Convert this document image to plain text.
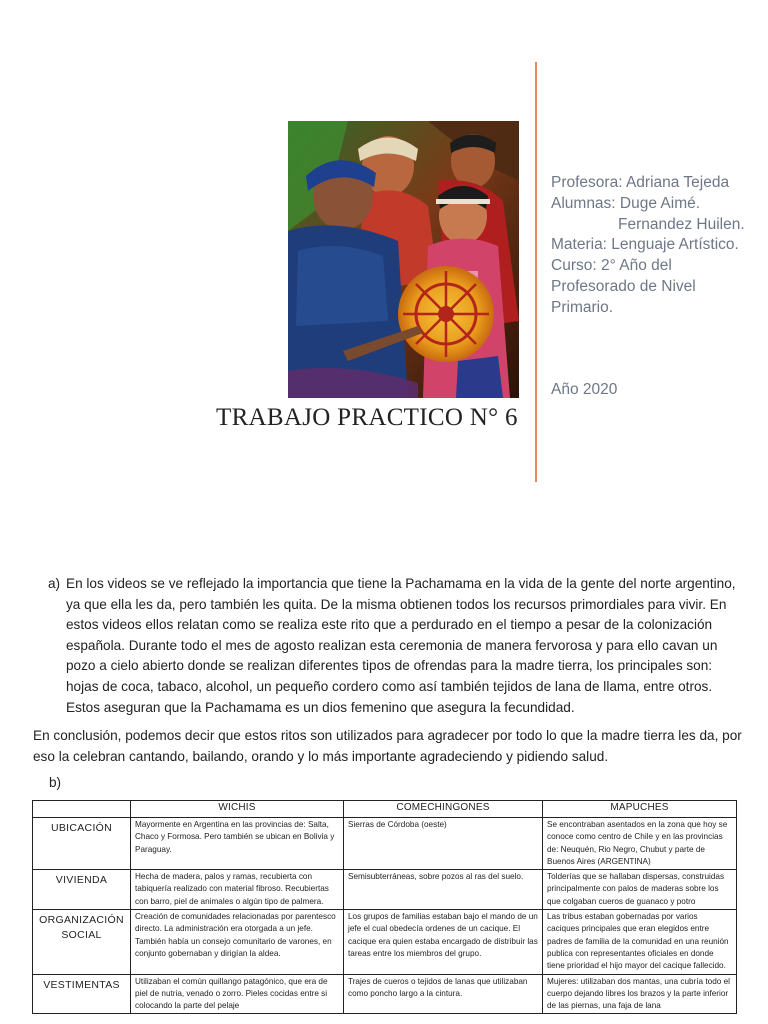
TRABAJO PRACTICO N° 6
Profesora: Adriana Tejeda
Alumnas: Duge Aimé.
Fernandez Huilen.
Materia: Lenguaje Artístico.
Curso: 2° Año del
Profesorado de Nivel
Primario.
Año 2020
a) En los videos se ve reflejado la importancia que tiene la Pachamama en la vida de la gente del norte argentino, ya que ella les da, pero también les quita. De la misma obtienen todos los recursos primordiales para vivir. En estos videos ellos relatan como se realiza este rito que a perdurado en el tiempo a pesar de la colonización española. Durante todo el mes de agosto realizan esta ceremonia de manera fervorosa y para ello cavan un pozo a cielo abierto donde se realizan diferentes tipos de ofrendas para la madre tierra, los principales son: hojas de coca, tabaco, alcohol, un pequeño cordero como así también tejidos de lana de llama, entre otros. Estos aseguran que la Pachamama es un dios femenino que asegura la fecundidad.
En conclusión, podemos decir que estos ritos son utilizados para agradecer por todo lo que la madre tierra les da, por eso la celebran cantando, bailando, orando y lo más importante agradeciendo y pidiendo salud.
b)
	WICHIS	COMECHINGONES	MAPUCHES
UBICACIÓN	Mayormente en Argentina en las provincias de: Salta, Chaco y Formosa. Pero también se ubican en Bolivia y Paraguay.	Sierras de Córdoba (oeste)	Se encontraban asentados en la zona que hoy se conoce como centro de Chile y en las provincias de: Neuquén, Rio Negro, Chubut y parte de Buenos Aires (ARGENTINA)
VIVIENDA	Hecha de madera, palos y ramas, recubierta con tabiquería realizado con material fibroso. Recubiertas con barro, piel de animales o algún tipo de palmera.	Semisubterráneas, sobre pozos al ras del suelo.	Tolderías que se hallaban dispersas, construidas principalmente con palos de maderas sobre los que colgaban cueros de guanaco y potro
ORGANIZACIÓN SOCIAL	Creación de comunidades relacionadas por parentesco directo. La administración era otorgada a un jefe. También había un consejo comunitario de varones, en conjunto gobernaban y dirigían la aldea.	Los grupos de familias estaban bajo el mando de un jefe el cual obedecía ordenes de un cacique. El cacique era quien estaba encargado de distribuir las tareas entre los miembros del grupo.	Las tribus estaban gobernadas por varios caciques principales que eran elegidos entre padres de familia de la comunidad en una reunión publica con representantes oficiales en donde tiene prioridad el hijo mayor del cacique fallecido.
VESTIMENTAS	Utilizaban el común quillango patagónico, que era de piel de nutria, venado o zorro. Pieles cocidas entre si colocando la parte del pelaje	Trajes de cueros o tejidos de lanas que utilizaban como poncho largo a la cintura.	Mujeres: utilizaban dos mantas, una cubría todo el cuerpo dejando libres los brazos y la parte inferior de las piernas, una faja de lana
